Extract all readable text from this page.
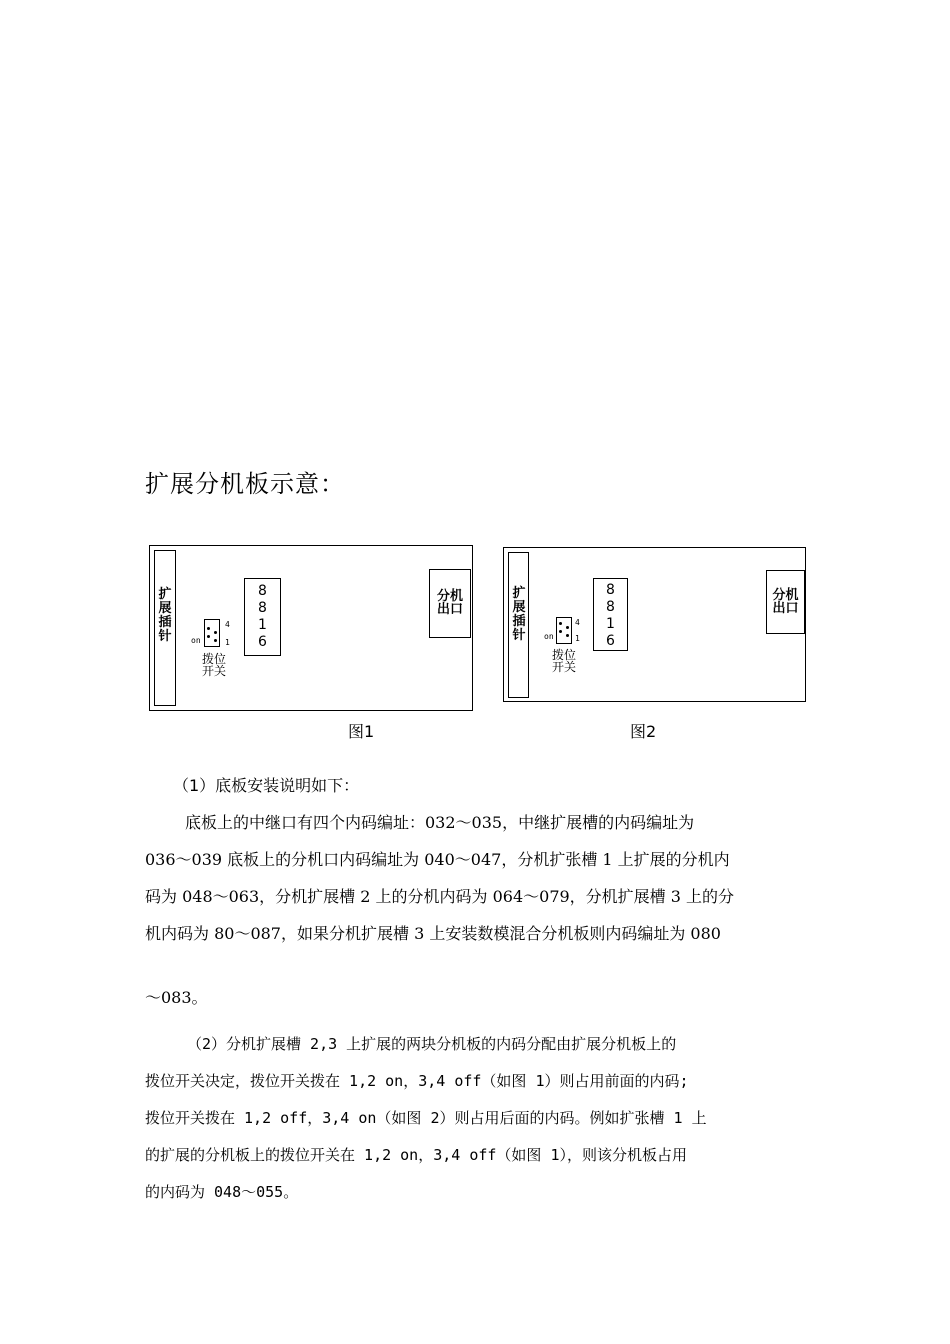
扩展分机板示意：
扩展插针 on
4
1
拨位开关
8816
分机出口
图1
扩展插针 on
4
1
拨位开关
8816
分机出口
图2

（1）底板安装说明如下：

底板上的中继口有四个内码编址：032～035，中继扩展槽的内码编址为

036～039 底板上的分机口内码编址为 040～047，分机扩张槽 1 上扩展的分机内

码为 048～063，分机扩展槽 2 上的分机内码为 064～079，分机扩展槽 3 上的分

机内码为 80～087，如果分机扩展槽 3 上安装数模混合分机板则内码编址为 080

～083。

（2）分机扩展槽 2,3 上扩展的两块分机板的内码分配由扩展分机板上的

拨位开关决定，拨位开关拨在 1,2 on，3,4 off（如图 1）则占用前面的内码;

拨位开关拨在 1,2 off，3,4 on（如图 2）则占用后面的内码。例如扩张槽 1 上

的扩展的分机板上的拨位开关在 1,2 on，3,4 off（如图 1），则该分机板占用

的内码为 048～055。
